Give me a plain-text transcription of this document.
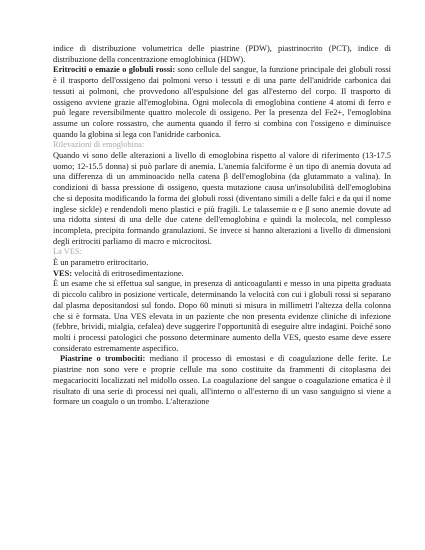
indice di distribuzione volumetrica delle piastrine (PDW), piastrinocrito (PCT), indice di distribuzione della concentrazione emoglobinica (HDW).

Eritrociti o emazie o globuli rossi: sono cellule del sangue, la funzione principale dei globuli rossi è il trasporto dell'ossigeno dai polmoni verso i tessuti e di una parte dell'anidride carbonica dai tessuti ai polmoni, che provvedono all'espulsione del gas all'esterno del corpo. Il trasporto di ossigeno avviene grazie all'emoglobina. Ogni molecola di emoglobina contiene 4 atomi di ferro e può legare reversibilmente quattro molecole di ossigeno. Per la presenza del Fe2+, l'emoglobina assume un colore rossastro, che aumenta quando il ferro si combina con l'ossigeno e diminuisce quando la globina si lega con l'anidride carbonica.

Rilevazioni di emoglobina:

Quando vi sono delle alterazioni a livello di emoglobina rispetto al valore di riferimento (13-17.5 uomo; 12-15.5 donna) si può parlare di anemia. L'anemia falciforme è un tipo di anemia dovuta ad una differenza di un amminoacido nella catena β dell'emoglobina (da glutammato a valina). In condizioni di bassa pressione di ossigeno, questa mutazione causa un'insolubilità dell'emoglobina che si deposita modificando la forma dei globuli rossi (diventano simili a delle falci e da qui il nome inglese sickle) e rendendoli meno plastici e più fragili. Le talassemie α e β sono anemie dovute ad una ridotta sintesi di una delle due catene dell'emoglobina e quindi la molecola, nel complesso incompleta, precipita formando granulazioni. Se invece si hanno alterazioni a livello di dimensioni degli eritrociti parliamo di macro e microcitosi.

La VES:

È un parametro eritrocitario.

VES: velocità di eritrosedimentazione.

È un esame che si effettua sul sangue, in presenza di anticoagulanti e messo in una pipetta graduata di piccolo calibro in posizione verticale, determinando la velocità con cui i globuli rossi si separano dal plasma depositandosi sul fondo. Dopo 60 minuti si misura in millimetri l'altezza della colonna che si è formata. Una VES elevata in un paziente che non presenta evidenze cliniche di infezione (febbre, brividi, mialgia, cefalea) deve suggerire l'opportunità di eseguire altre indagini. Poiché sono molti i processi patologici che possono determinare aumento della VES, questo esame deve essere considerato estremamente aspecifico.

Piastrine o trombociti: mediano il processo di emostasi e di coagulazione delle ferite. Le piastrine non sono vere e proprie cellule ma sono costituite da frammenti di citoplasma dei megacariociti localizzati nel midollo osseo. La coagulazione del sangue o coagulazione ematica è il risultato di una serie di processi nei quali, all'interno o all'esterno di un vaso sanguigno si viene a formare un coagulo o un trombo. L'alterazione
